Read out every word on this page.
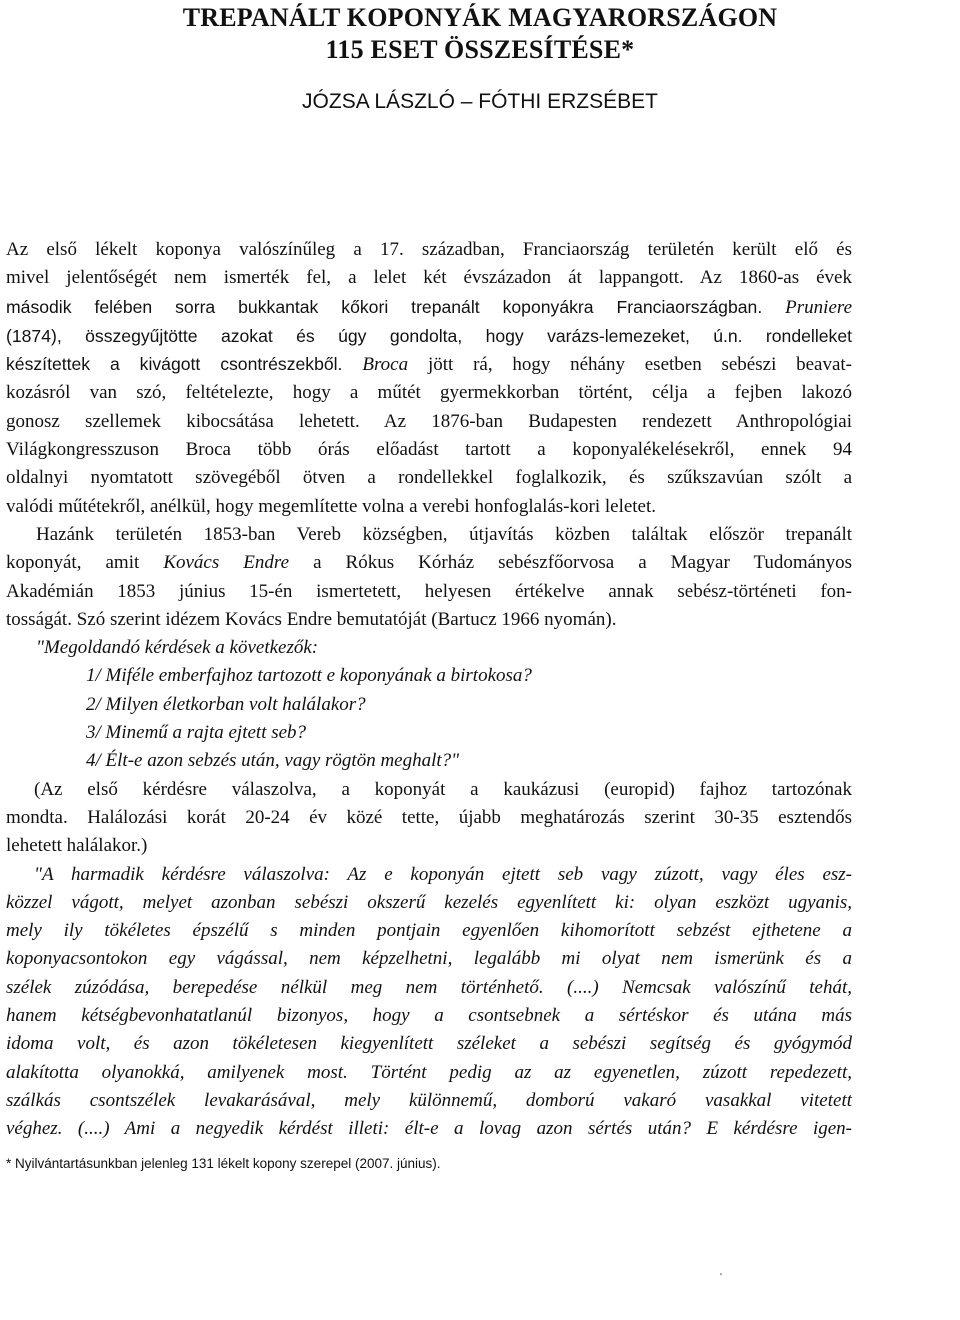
TREPANÁLT KOPONYÁK MAGYARORSZÁGON
115 ESET ÖSSZESÍTÉSE*
JÓZSA LÁSZLÓ – FÓTHI ERZSÉBET
Az első lékelt koponya valószínűleg a 17. században, Franciaország területén került elő és
mivel jelentőségét nem ismerték fel, a lelet két évszázadon át lappangott. Az 1860-as évek
második felében sorra bukkantak kőkori trepanált koponyákra Franciaországban. Pruniere
(1874), összegyűjtötte azokat és úgy gondolta, hogy varázs-lemezeket, ú.n. rondelleket
készítettek a kivágott csontrészekből. Broca jött rá, hogy néhány esetben sebészi beavat-
kozásról van szó, feltételezte, hogy a műtét gyermekkorban történt, célja a fejben lakozó
gonosz szellemek kibocsátása lehetett. Az 1876-ban Budapesten rendezett Anthropológiai
Világkongresszuson Broca több órás előadást tartott a koponyalékelésekről, ennek 94
oldalnyi nyomtatott szövegéből ötven a rondellekkel foglalkozik, és szűkszavúan szólt a
valódi műtétekről, anélkül, hogy megemlítette volna a verebi honfoglalás-kori leletet.
Hazánk területén 1853-ban Vereb községben, útjavítás közben találtak először trepanált
koponyát, amit Kovács Endre a Rókus Kórház sebészfőorvosa a Magyar Tudományos
Akadémián 1853 június 15-én ismertetett, helyesen értékelve annak sebész-történeti fon-
tosságát. Szó szerint idézem Kovács Endre bemutatóját (Bartucz 1966 nyomán).
"Megoldandó kérdések a következők:
1/ Miféle emberfajhoz tartozott e koponyának a birtokosa?
2/ Milyen életkorban volt halálakor?
3/ Minemű a rajta ejtett seb?
4/ Élt-e azon sebzés után, vagy rögtön meghalt?"
(Az első kérdésre válaszolva, a koponyát a kaukázusi (europid) fajhoz tartozónak
mondta. Halálozási korát 20-24 év közé tette, újabb meghatározás szerint 30-35 esztendős
lehetett halálakor.)
"A harmadik kérdésre válaszolva: Az e koponyán ejtett seb vagy zúzott, vagy éles esz-
közzel vágott, melyet azonban sebészi okszerű kezelés egyenlített ki: olyan eszközt ugyanis,
mely ily tökéletes épszélű s minden pontjain egyenlően kihomorított sebzést ejthetene a
koponyacsontokon egy vágással, nem képzelhetni, legalább mi olyat nem ismerünk és a
szélek zúzódása, berepedése nélkül meg nem történhető. (....) Nemcsak valószínű tehát,
hanem kétségbevonhatatlanúl bizonyos, hogy a csontsebnek a sértéskor és utána más
idoma volt, és azon tökéletesen kiegyenlített széleket a sebészi segítség és gyógymód
alakította olyanokká, amilyenek most. Történt pedig az az egyenetlen, zúzott repedezett,
szálkás csontszélek levakarásával, mely különnemű, domború vakaró vasakkal vitetett
véghez. (....) Ami a negyedik kérdést illeti: élt-e a lovag azon sértés után? E kérdésre igen-
* Nyilvántartásunkban jelenleg 131 lékelt kopony szerepel (2007. június).
'
